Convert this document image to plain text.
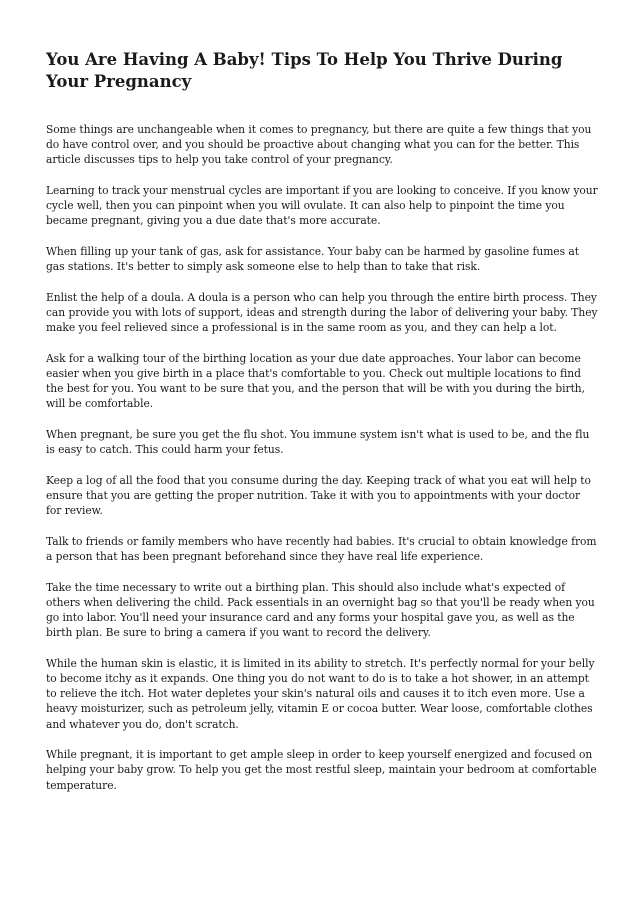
You Are Having A Baby! Tips To Help You Thrive During Your Pregnancy

Some things are unchangeable when it comes to pregnancy, but there are quite a few things that you do have control over, and you should be proactive about changing what you can for the better. This article discusses tips to help you take control of your pregnancy.

Learning to track your menstrual cycles are important if you are looking to conceive. If you know your cycle well, then you can pinpoint when you will ovulate. It can also help to pinpoint the time you became pregnant, giving you a due date that's more accurate.

When filling up your tank of gas, ask for assistance. Your baby can be harmed by gasoline fumes at gas stations. It's better to simply ask someone else to help than to take that risk.

Enlist the help of a doula. A doula is a person who can help you through the entire birth process. They can provide you with lots of support, ideas and strength during the labor of delivering your baby. They make you feel relieved since a professional is in the same room as you, and they can help a lot.

Ask for a walking tour of the birthing location as your due date approaches. Your labor can become easier when you give birth in a place that's comfortable to you. Check out multiple locations to find the best for you. You want to be sure that you, and the person that will be with you during the birth, will be comfortable.

When pregnant, be sure you get the flu shot. You immune system isn't what is used to be, and the flu is easy to catch. This could harm your fetus.

Keep a log of all the food that you consume during the day. Keeping track of what you eat will help to ensure that you are getting the proper nutrition. Take it with you to appointments with your doctor for review.

Talk to friends or family members who have recently had babies. It's crucial to obtain knowledge from a person that has been pregnant beforehand since they have real life experience.

Take the time necessary to write out a birthing plan. This should also include what's expected of others when delivering the child. Pack essentials in an overnight bag so that you'll be ready when you go into labor. You'll need your insurance card and any forms your hospital gave you, as well as the birth plan. Be sure to bring a camera if you want to record the delivery.

While the human skin is elastic, it is limited in its ability to stretch. It's perfectly normal for your belly to become itchy as it expands. One thing you do not want to do is to take a hot shower, in an attempt to relieve the itch. Hot water depletes your skin's natural oils and causes it to itch even more. Use a heavy moisturizer, such as petroleum jelly, vitamin E or cocoa butter. Wear loose, comfortable clothes and whatever you do, don't scratch.

While pregnant, it is important to get ample sleep in order to keep yourself energized and focused on helping your baby grow. To help you get the most restful sleep, maintain your bedroom at comfortable temperature.
